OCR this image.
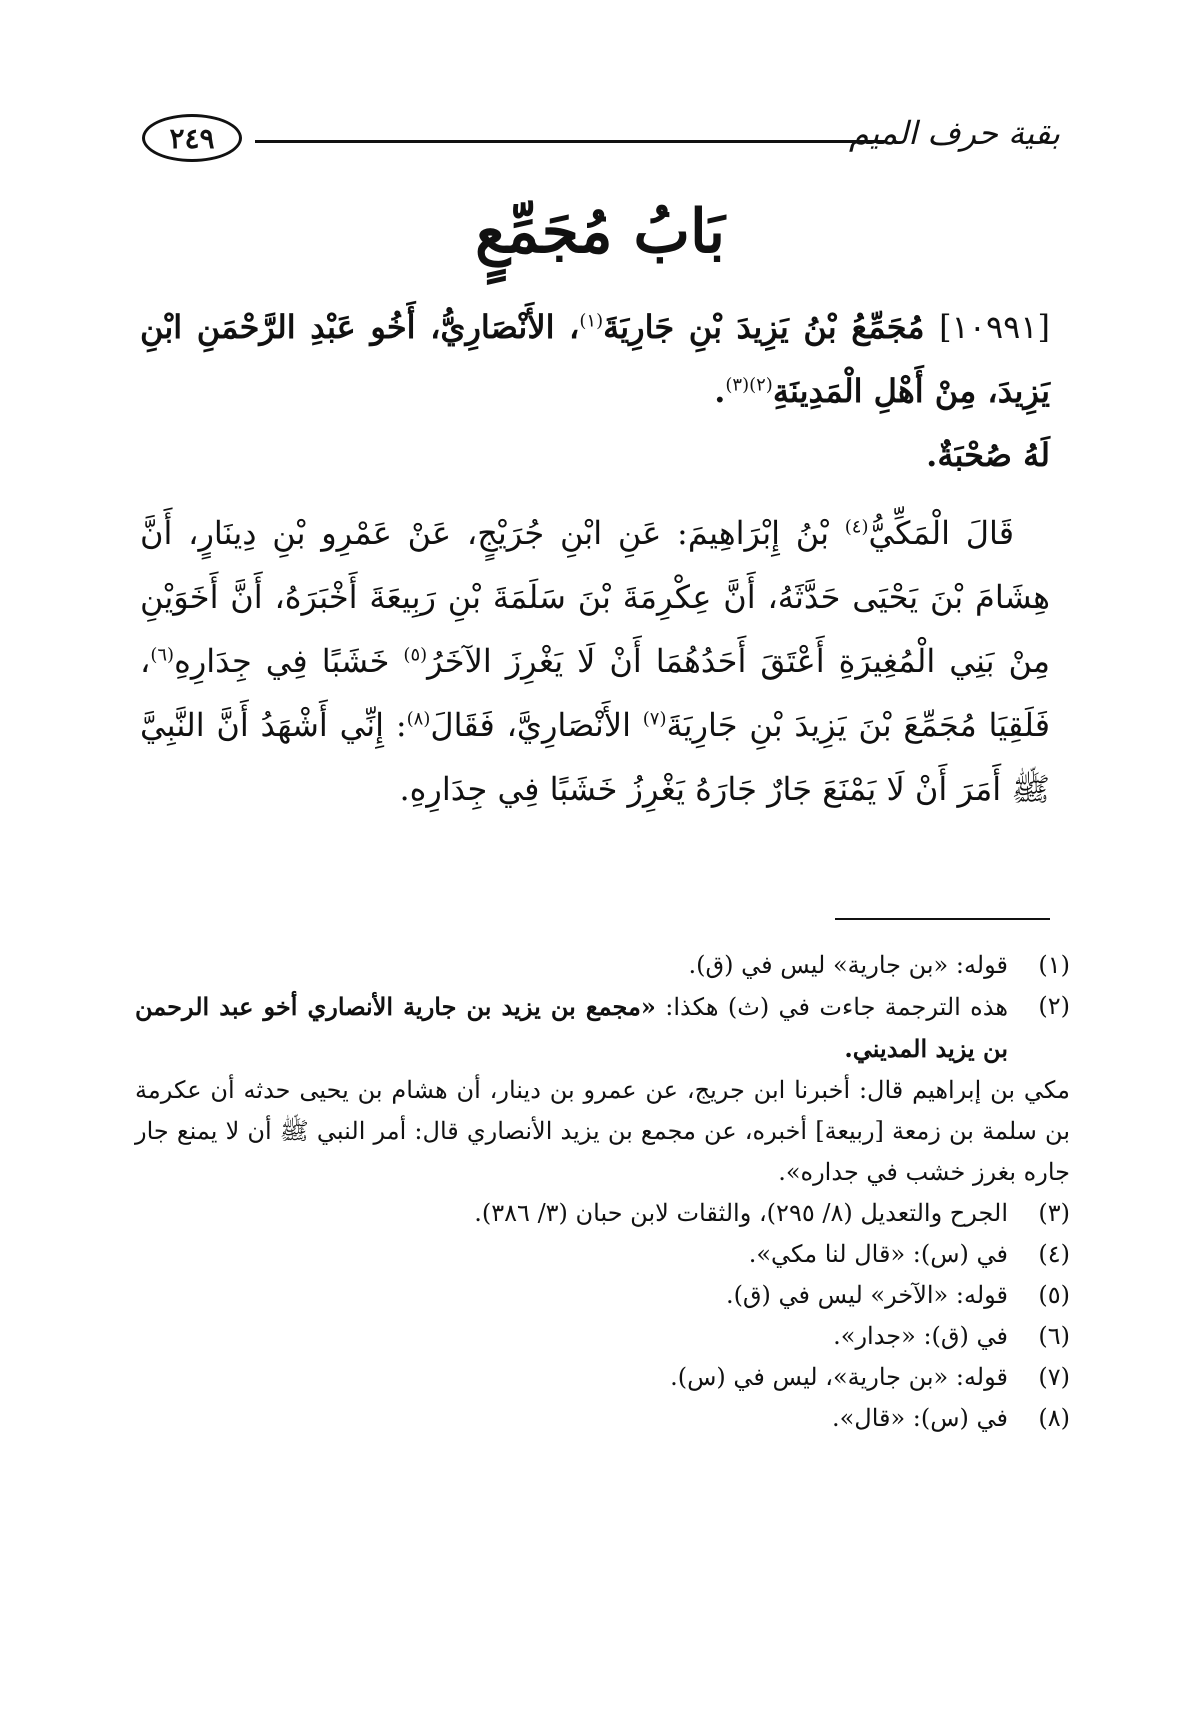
بقية حرف الميم
٢٤٩
بَابُ مُجَمِّعٍ

[١٠٩٩١] مُجَمِّعُ بْنُ يَزِيدَ بْنِ جَارِيَةَ$^{(١)}$، الأَنْصَارِيُّ، أَخُو عَبْدِ الرَّحْمَنِ ابْنِ يَزِيدَ، مِنْ أَهْلِ الْمَدِينَةِ$^{(٢)(٣)}$.

لَهُ صُحْبَةٌ.

قَالَ الْمَكِّيُّ$^{(٤)}$ بْنُ إِبْرَاهِيمَ: عَنِ ابْنِ جُرَيْجٍ، عَنْ عَمْرِو بْنِ دِينَارٍ، أَنَّ هِشَامَ بْنَ يَحْيَى حَدَّثَهُ، أَنَّ عِكْرِمَةَ بْنَ سَلَمَةَ بْنِ رَبِيعَةَ أَخْبَرَهُ، أَنَّ أَخَوَيْنِ مِنْ بَنِي الْمُغِيرَةِ أَعْتَقَ أَحَدُهُمَا أَنْ لَا يَغْرِزَ الآخَرُ$^{(٥)}$ خَشَبًا فِي جِدَارِهِ$^{(٦)}$، فَلَقِيَا مُجَمِّعَ بْنَ يَزِيدَ بْنِ جَارِيَةَ$^{(٧)}$ الأَنْصَارِيَّ، فَقَالَ$^{(٨)}$: إِنِّي أَشْهَدُ أَنَّ النَّبِيَّ ﷺ أَمَرَ أَنْ لَا يَمْنَعَ جَارٌ جَارَهُ يَغْرِزُ خَشَبًا فِي جِدَارِهِ.

(١)
قوله: «بن جارية» ليس في (ق).
(٢)
هذه الترجمة جاءت في (ث) هكذا: «مجمع بن يزيد بن جارية الأنصاري أخو عبد الرحمن بن يزيد المديني.
مكي بن إبراهيم قال: أخبرنا ابن جريج، عن عمرو بن دينار، أن هشام بن يحيى حدثه أن عكرمة بن سلمة بن زمعة [ربيعة] أخبره، عن مجمع بن يزيد الأنصاري قال: أمر النبي ﷺ أن لا يمنع جار جاره بغرز خشب في جداره».
(٣)
الجرح والتعديل (٨/ ٢٩٥)، والثقات لابن حبان (٣/ ٣٨٦).
(٤)
في (س): «قال لنا مكي».
(٥)
قوله: «الآخر» ليس في (ق).
(٦)
في (ق): «جدار».
(٧)
قوله: «بن جارية»، ليس في (س).
(٨)
في (س): «قال».
